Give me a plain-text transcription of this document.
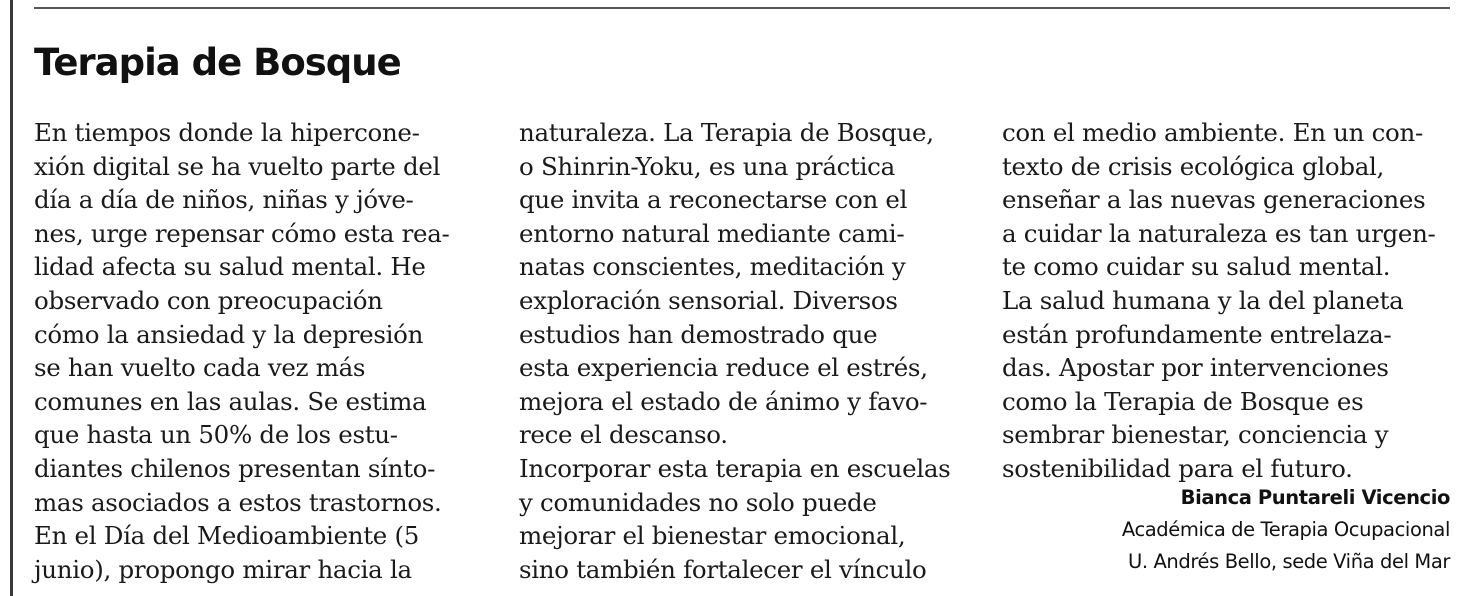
Terapia de Bosque
En tiempos donde la hipercone-
xión digital se ha vuelto parte del
día a día de niños, niñas y jóve-
nes, urge repensar cómo esta rea-
lidad afecta su salud mental. He
observado con preocupación
cómo la ansiedad y la depresión
se han vuelto cada vez más
comunes en las aulas. Se estima
que hasta un 50% de los estu-
diantes chilenos presentan sínto-
mas asociados a estos trastornos.
En el Día del Medioambiente (5
junio), propongo mirar hacia la
naturaleza. La Terapia de Bosque,
o Shinrin-Yoku, es una práctica
que invita a reconectarse con el
entorno natural mediante cami-
natas conscientes, meditación y
exploración sensorial. Diversos
estudios han demostrado que
esta experiencia reduce el estrés,
mejora el estado de ánimo y favo-
rece el descanso.
Incorporar esta terapia en escuelas
y comunidades no solo puede
mejorar el bienestar emocional,
sino también fortalecer el vínculo
con el medio ambiente. En un con-
texto de crisis ecológica global,
enseñar a las nuevas generaciones
a cuidar la naturaleza es tan urgen-
te como cuidar su salud mental.
La salud humana y la del planeta
están profundamente entrelaza-
das. Apostar por intervenciones
como la Terapia de Bosque es
sembrar bienestar, conciencia y
sostenibilidad para el futuro.
Bianca Puntareli Vicencio
Académica de Terapia Ocupacional
U. Andrés Bello, sede Viña del Mar
